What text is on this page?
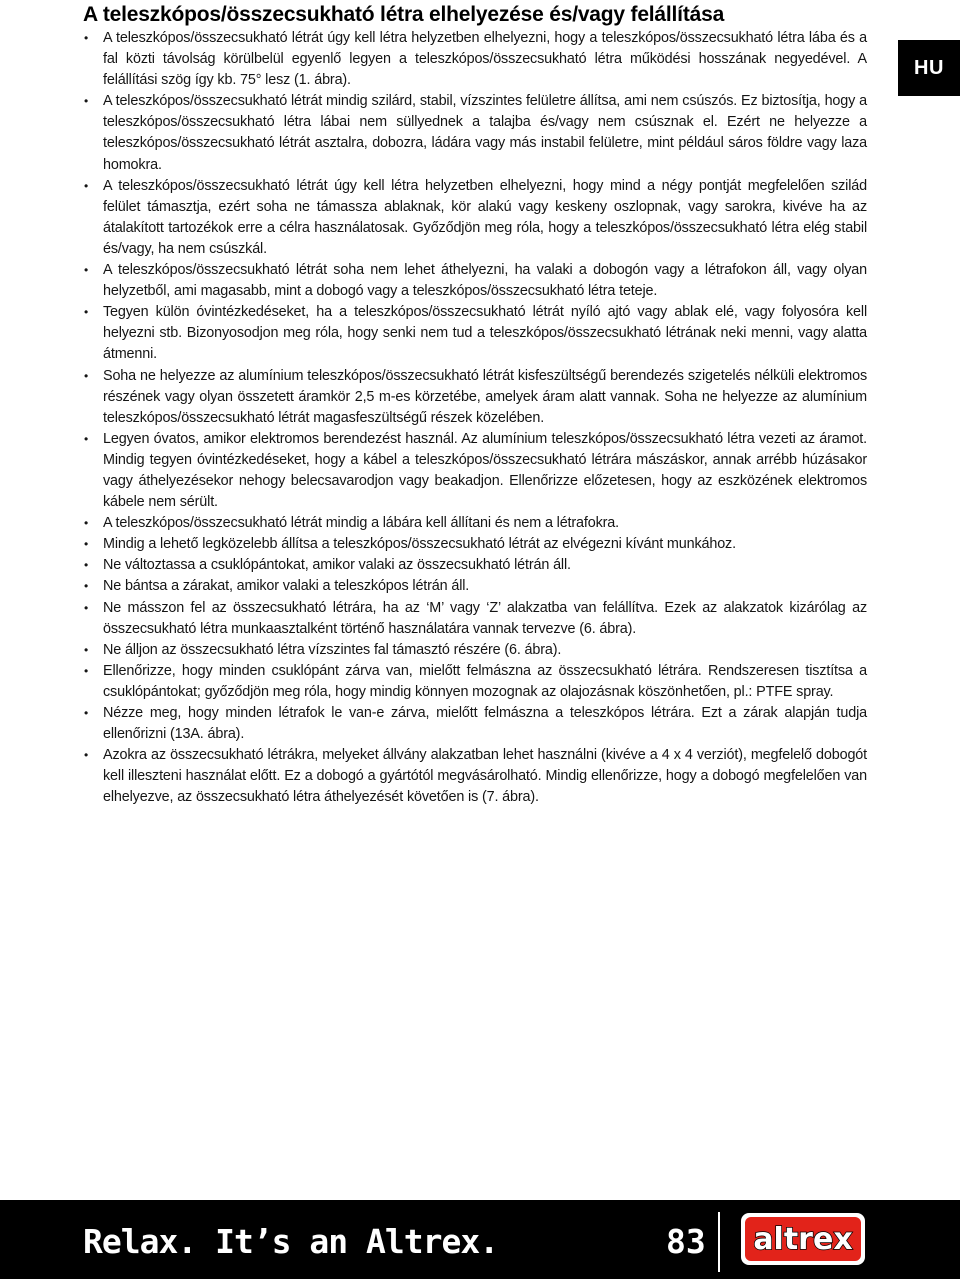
A teleszkópos/összecsukható létra elhelyezése és/vagy felállítása
• A teleszkópos/összecsukható létrát úgy kell létra helyzetben elhelyezni, hogy a teleszkópos/összecsukható létra lába és a fal közti távolság körülbelül egyenlő legyen a teleszkópos/összecsukható létra működési hosszának negyedével. A felállítási szög így kb. 75° lesz (1. ábra).
• A teleszkópos/összecsukható létrát mindig szilárd, stabil, vízszintes felületre állítsa, ami nem csúszós. Ez biztosítja, hogy a teleszkópos/összecsukható létra lábai nem süllyednek a talajba és/vagy nem csúsznak el. Ezért ne helyezze a teleszkópos/összecsukható létrát asztalra, dobozra, ládára vagy más instabil felületre, mint például sáros földre vagy laza homokra.
• A teleszkópos/összecsukható létrát úgy kell létra helyzetben elhelyezni, hogy mind a négy pontját megfelelően szilád felület támasztja, ezért soha ne támassza ablaknak, kör alakú vagy keskeny oszlopnak, vagy sarokra, kivéve ha az átalakított tartozékok erre a célra használatosak. Győződjön meg róla, hogy a teleszkópos/összecsukható létra elég stabil és/vagy, ha nem csúszkál.
• A teleszkópos/összecsukható létrát soha nem lehet áthelyezni, ha valaki a dobogón vagy a létrafokon áll, vagy olyan helyzetből, ami magasabb, mint a dobogó vagy a teleszkópos/összecsukható létra teteje.
• Tegyen külön óvintézkedéseket, ha a teleszkópos/összecsukható létrát nyíló ajtó vagy ablak elé, vagy folyosóra kell helyezni stb. Bizonyosodjon meg róla, hogy senki nem tud a teleszkópos/összecsukható létrának neki menni, vagy alatta átmenni.
• Soha ne helyezze az alumínium teleszkópos/összecsukható létrát kisfeszültségű berendezés szigetelés nélküli elektromos részének vagy olyan összetett áramkör 2,5 m-es körzetébe, amelyek áram alatt vannak. Soha ne helyezze az alumínium teleszkópos/összecsukható létrát magasfeszültségű részek közelében.
• Legyen óvatos, amikor elektromos berendezést használ. Az alumínium teleszkópos/összecsukható létra vezeti az áramot. Mindig tegyen óvintézkedéseket, hogy a kábel a teleszkópos/összecsukható létrára mászáskor, annak arrébb húzásakor vagy áthelyezésekor nehogy belecsavarodjon vagy beakadjon. Ellenőrizze előzetesen, hogy az eszközének elektromos kábele nem sérült.
• A teleszkópos/összecsukható létrát mindig a lábára kell állítani és nem a létrafokra.
• Mindig a lehető legközelebb állítsa a teleszkópos/összecsukható létrát az elvégezni kívánt munkához.
• Ne változtassa a csuklópántokat, amikor valaki az összecsukható létrán áll.
• Ne bántsa a zárakat, amikor valaki a teleszkópos létrán áll.
• Ne másszon fel az összecsukható létrára, ha az ‘M’ vagy ‘Z’ alakzatba van felállítva. Ezek az alakzatok kizárólag az összecsukható létra munkaasztalként történő használatára vannak tervezve (6. ábra).
• Ne álljon az összecsukható létra vízszintes fal támasztó részére (6. ábra).
• Ellenőrizze, hogy minden csuklópánt zárva van, mielőtt felmászna az összecsukható létrára. Rendszeresen tisztítsa a csuklópántokat; győződjön meg róla, hogy mindig könnyen mozognak az olajozásnak köszönhetően, pl.: PTFE spray.
• Nézze meg, hogy minden létrafok le van-e zárva, mielőtt felmászna a teleszkópos létrára. Ezt a zárak alapján tudja ellenőrizni (13A. ábra).
• Azokra az összecsukható létrákra, melyeket állvány alakzatban lehet használni (kivéve a 4 x 4 verziót), megfelelő dobogót kell illeszteni használat előtt. Ez a dobogó a gyártótól megvásárolható. Mindig ellenőrizze, hogy a dobogó megfelelően van elhelyezve, az összecsukható létra áthelyezését követően is (7. ábra).
HU
Relax. It’s an Altrex.	83 altrex
